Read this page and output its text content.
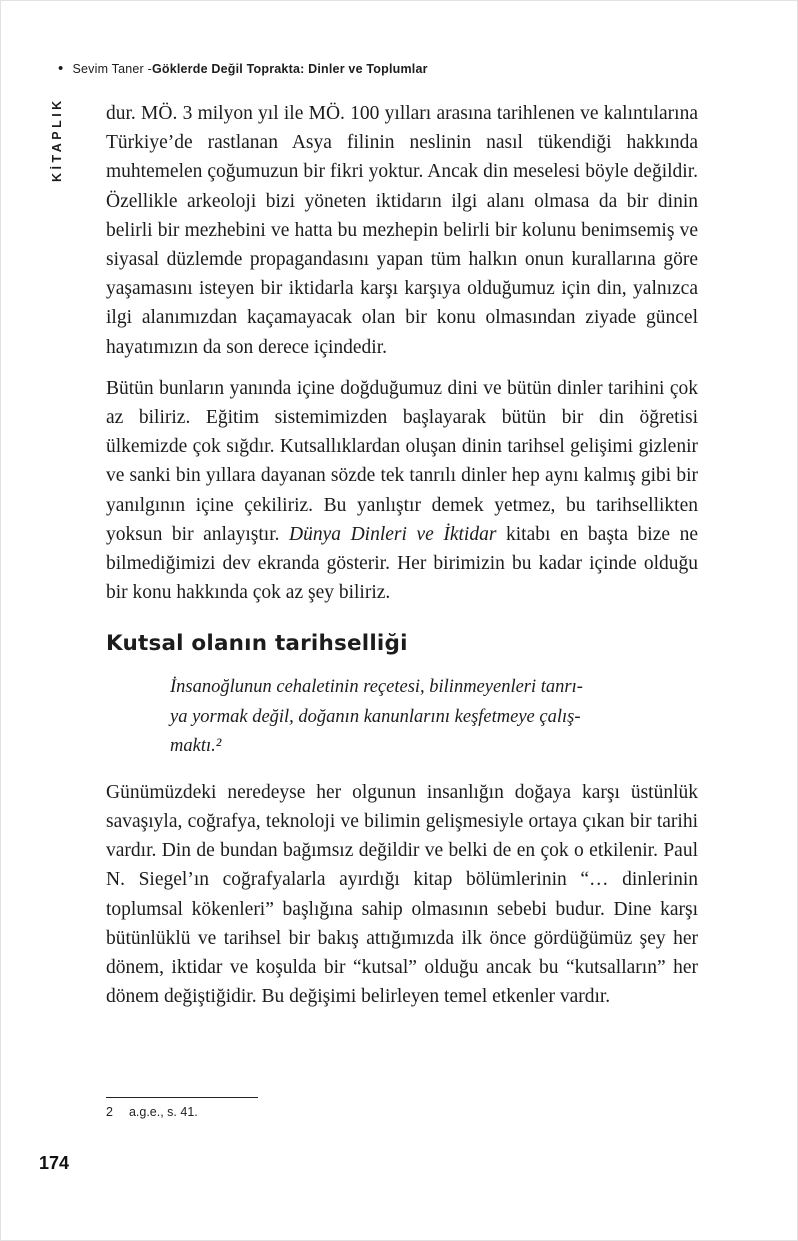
• Sevim Taner - Göklerde Değil Toprakta: Dinler ve Toplumlar
KİTAPLIK dur. MÖ. 3 milyon yıl ile MÖ. 100 yılları arasına tarihlenen ve kalıntılarına Türkiye’de rastlanan Asya filinin neslinin nasıl tükendiği hakkında muhtemelen çoğumuzun bir fikri yoktur. Ancak din meselesi böyle değildir. Özellikle arkeoloji bizi yöneten iktidarın ilgi alanı olmasa da bir dinin belirli bir mezhebini ve hatta bu mezhepin belirli bir kolunu benimsemiş ve siyasal düzlemde propagandasını yapan tüm halkın onun kurallarına göre yaşamasını isteyen bir iktidarla karşı karşıya olduğumuz için din, yalnızca ilgi alanımızdan kaçamayacak olan bir konu olmasından ziyade güncel hayatımızın da son derece içindedir.

Bütün bunların yanında içine doğduğumuz dini ve bütün dinler tarihini çok az biliriz. Eğitim sistemimizden başlayarak bütün bir din öğretisi ülkemizde çok sığdır. Kutsallıklardan oluşan dinin tarihsel gelişimi gizlenir ve sanki bin yıllara dayanan sözde tek tanrılı dinler hep aynı kalmış gibi bir yanılgının içine çekiliriz. Bu yanlıştır demek yetmez, bu tarihsellikten yoksun bir anlayıştır. Dünya Dinleri ve İktidar kitabı en başta bize ne bilmediğimizi dev ekranda gösterir. Her birimizin bu kadar içinde olduğu bir konu hakkında çok az şey biliriz.

Kutsal olanın tarihselliği
İnsanoğlunun cehaletinin reçetesi, bilinmeyenleri tanrı-
ya yormak değil, doğanın kanunlarını keşfetmeye çalış-
maktı.²

Günümüzdeki neredeyse her olgunun insanlığın doğaya karşı üstünlük savaşıyla, coğrafya, teknoloji ve bilimin gelişmesiyle ortaya çıkan bir tarihi vardır. Din de bundan bağımsız değildir ve belki de en çok o etkilenir. Paul N. Siegel’ın coğrafyalarla ayırdığı kitap bölümlerinin “… dinlerinin toplumsal kökenleri” başlığına sahip olmasının sebebi budur. Dine karşı bütünlüklü ve tarihsel bir bakış attığımızda ilk önce gördüğümüz şey her dönem, iktidar ve koşulda bir “kutsal” olduğu ancak bu “kutsalların” her dönem değiştiğidir. Bu değişimi belirleyen temel etkenler vardır.

2 a.g.e., s. 41.
174
